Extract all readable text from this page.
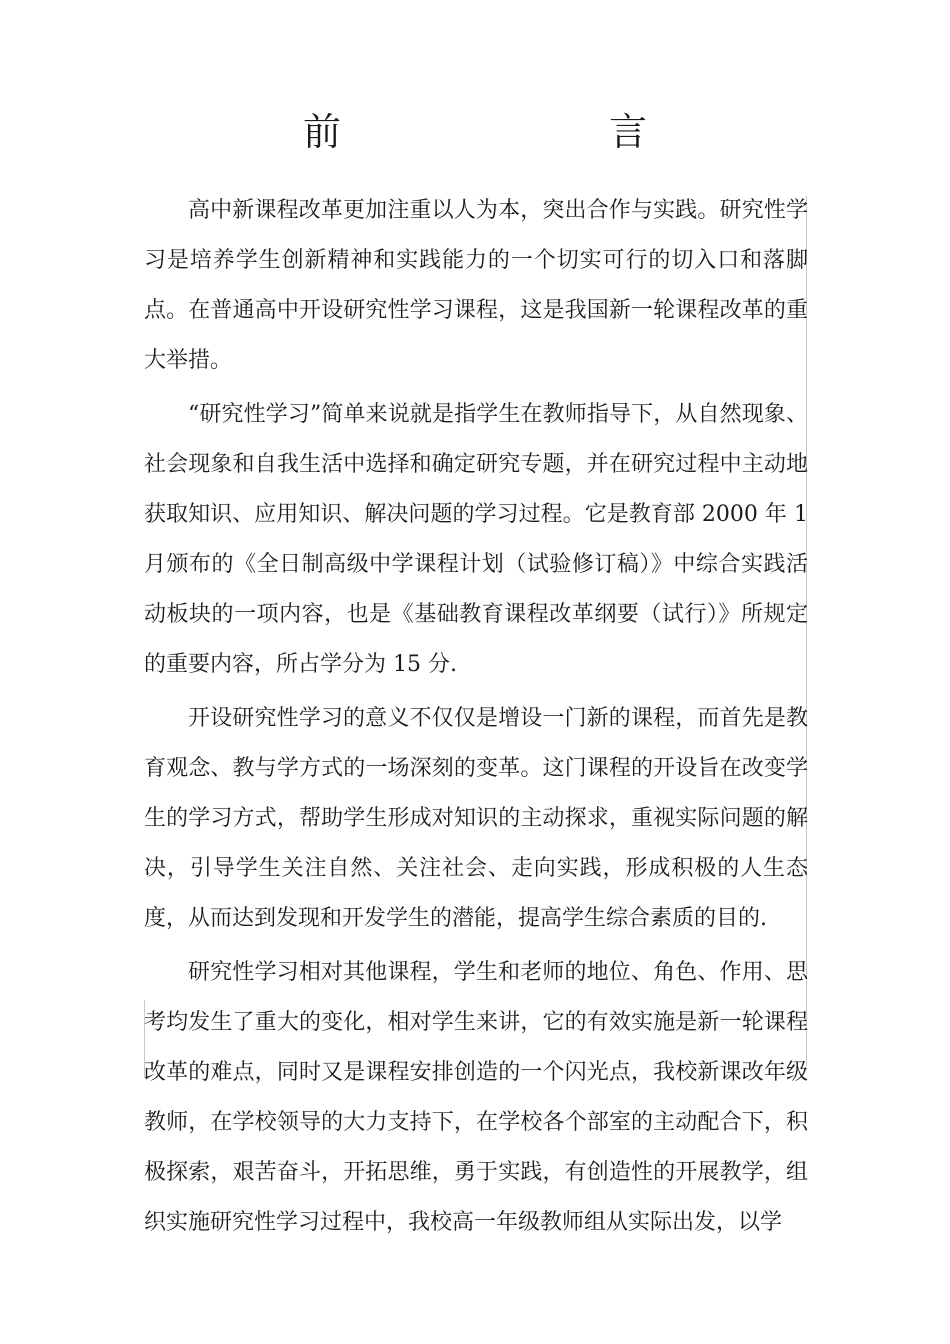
前 言

高中新课程改革更加注重以人为本，突出合作与实践。研究性学习是培养学生创新精神和实践能力的一个切实可行的切入口和落脚点。在普通高中开设研究性学习课程，这是我国新一轮课程改革的重大举措。

“研究性学习”简单来说就是指学生在教师指导下，从自然现象、社会现象和自我生活中选择和确定研究专题，并在研究过程中主动地获取知识、应用知识、解决问题的学习过程。它是教育部 2000 年 1 月颁布的《全日制高级中学课程计划（试验修订稿）》中综合实践活动板块的一项内容，也是《基础教育课程改革纲要（试行）》所规定的重要内容，所占学分为 15 分.

开设研究性学习的意义不仅仅是增设一门新的课程，而首先是教育观念、教与学方式的一场深刻的变革。这门课程的开设旨在改变学生的学习方式，帮助学生形成对知识的主动探求，重视实际问题的解决，引导学生关注自然、关注社会、走向实践，形成积极的人生态度，从而达到发现和开发学生的潜能，提高学生综合素质的目的.

研究性学习相对其他课程，学生和老师的地位、角色、作用、思考均发生了重大的变化，相对学生来讲，它的有效实施是新一轮课程改革的难点，同时又是课程安排创造的一个闪光点，我校新课改年级教师，在学校领导的大力支持下，在学校各个部室的主动配合下，积极探索，艰苦奋斗，开拓思维，勇于实践，有创造性的开展教学，组织实施研究性学习过程中，我校高一年级教师组从实际出发，以学
